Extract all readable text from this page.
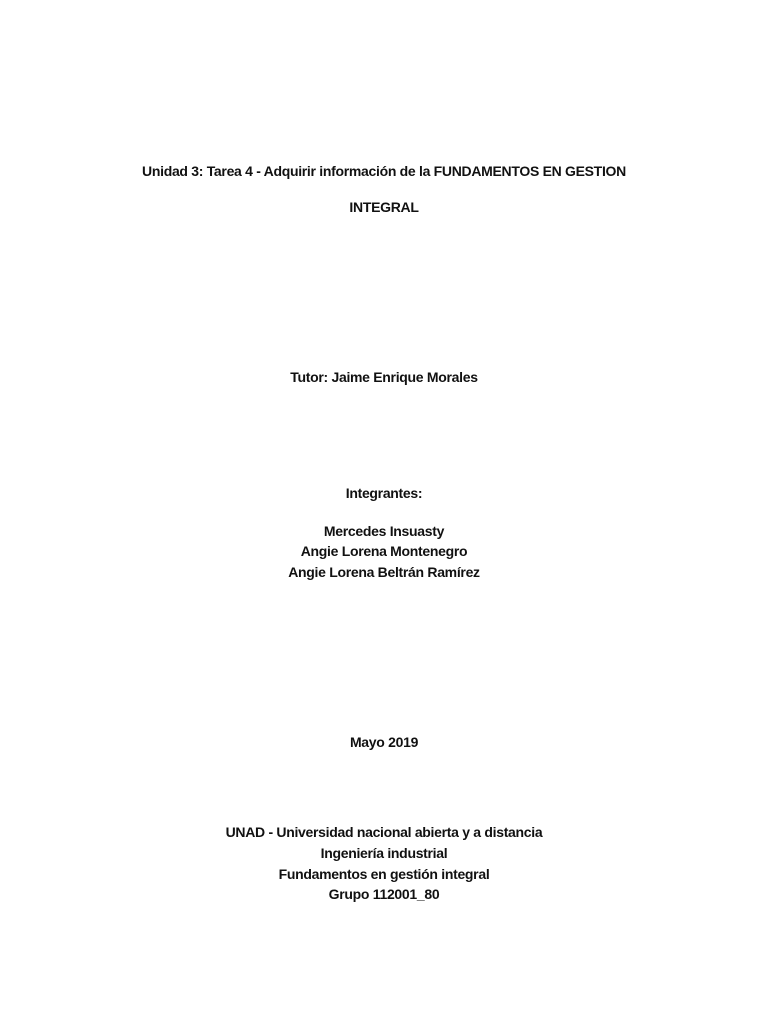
Unidad 3: Tarea 4 - Adquirir información de la FUNDAMENTOS EN GESTION
INTEGRAL
Tutor: Jaime Enrique Morales
Integrantes:
Mercedes Insuasty
Angie Lorena Montenegro
Angie Lorena Beltrán Ramírez
Mayo 2019
UNAD - Universidad nacional abierta y a distancia
Ingeniería industrial
Fundamentos en gestión integral
Grupo 112001_80
